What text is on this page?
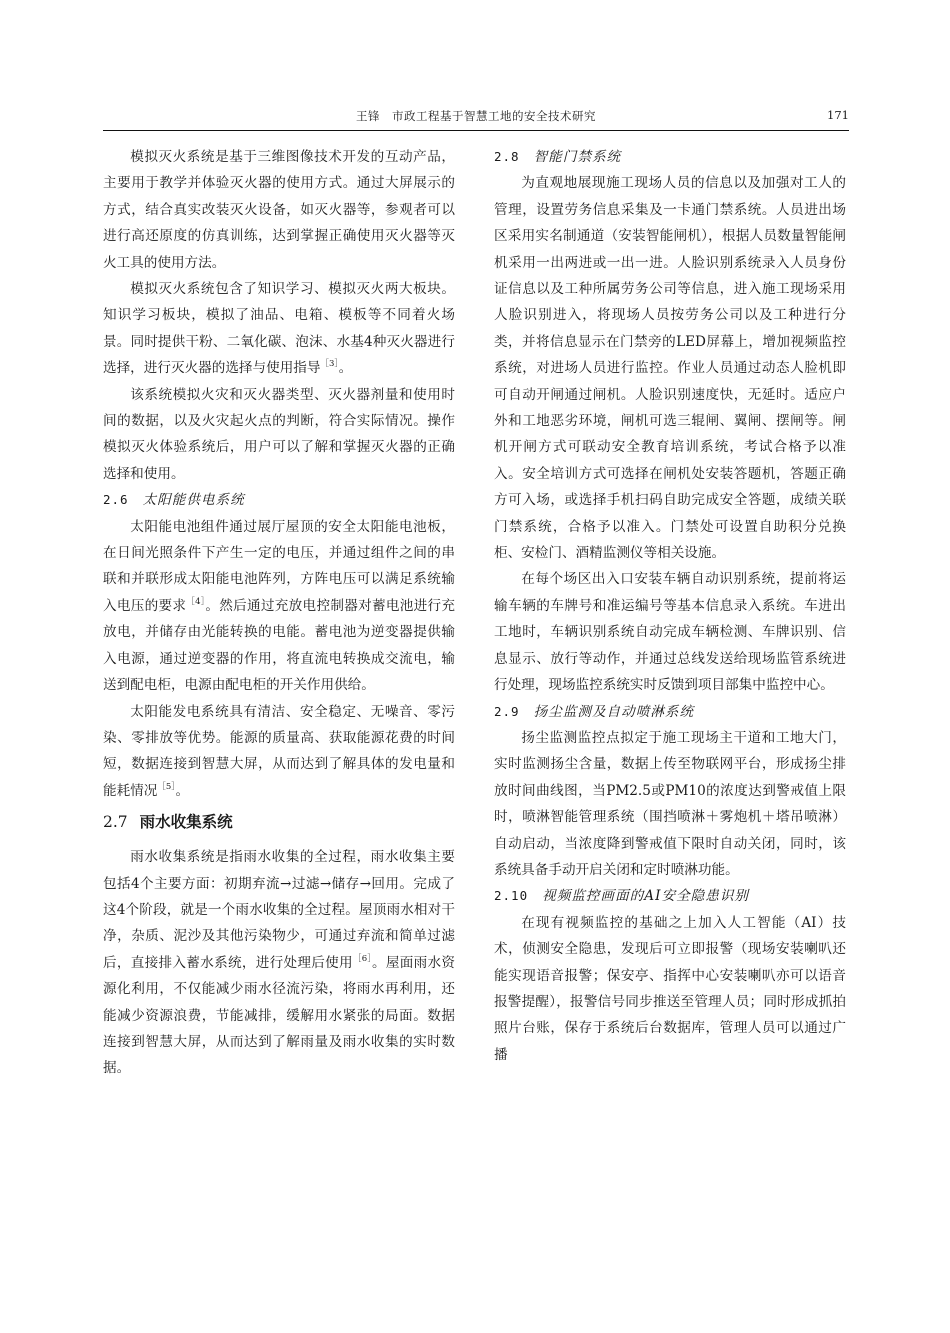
王锋　市政工程基于智慧工地的安全技术研究	171

模拟灭火系统是基于三维图像技术开发的互动产品，主要用于教学并体验灭火器的使用方式。通过大屏展示的方式，结合真实改装灭火设备，如灭火器等，参观者可以进行高还原度的仿真训练，达到掌握正确使用灭火器等灭火工具的使用方法。

模拟灭火系统包含了知识学习、模拟灭火两大板块。知识学习板块，模拟了油品、电箱、模板等不同着火场景。同时提供干粉、二氧化碳、泡沫、水基4种灭火器进行选择，进行灭火器的选择与使用指导$^{[3]}$。

该系统模拟火灾和灭火器类型、灭火器剂量和使用时间的数据，以及火灾起火点的判断，符合实际情况。操作模拟灭火体验系统后，用户可以了解和掌握灭火器的正确选择和使用。

2.6 太阳能供电系统

太阳能电池组件通过展厅屋顶的安全太阳能电池板，在日间光照条件下产生一定的电压，并通过组件之间的串联和并联形成太阳能电池阵列，方阵电压可以满足系统输入电压的要求$^{[4]}$。然后通过充放电控制器对蓄电池进行充放电，并储存由光能转换的电能。蓄电池为逆变器提供输入电源，通过逆变器的作用，将直流电转换成交流电，输送到配电柜，电源由配电柜的开关作用供给。

太阳能发电系统具有清洁、安全稳定、无噪音、零污染、零排放等优势。能源的质量高、获取能源花费的时间短，数据连接到智慧大屏，从而达到了解具体的发电量和能耗情况$^{[5]}$。

2.7 雨水收集系统

雨水收集系统是指雨水收集的全过程，雨水收集主要包括4个主要方面：初期弃流→过滤→储存→回用。完成了这4个阶段，就是一个雨水收集的全过程。屋顶雨水相对干净，杂质、泥沙及其他污染物少，可通过弃流和简单过滤后，直接排入蓄水系统，进行处理后使用$^{[6]}$。屋面雨水资源化利用，不仅能减少雨水径流污染，将雨水再利用，还能减少资源浪费，节能减排，缓解用水紧张的局面。数据连接到智慧大屏，从而达到了解雨量及雨水收集的实时数据。

2.8 智能门禁系统

为直观地展现施工现场人员的信息以及加强对工人的管理，设置劳务信息采集及一卡通门禁系统。人员进出场区采用实名制通道（安装智能闸机），根据人员数量智能闸机采用一出两进或一出一进。人脸识别系统录入人员身份证信息以及工种所属劳务公司等信息，进入施工现场采用人脸识别进入，将现场人员按劳务公司以及工种进行分类，并将信息显示在门禁旁的LED屏幕上，增加视频监控系统，对进场人员进行监控。作业人员通过动态人脸机即可自动开闸通过闸机。人脸识别速度快，无延时。适应户外和工地恶劣环境，闸机可选三辊闸、翼闸、摆闸等。闸机开闸方式可联动安全教育培训系统，考试合格予以准入。安全培训方式可选择在闸机处安装答题机，答题正确方可入场，或选择手机扫码自助完成安全答题，成绩关联门禁系统，合格予以准入。门禁处可设置自助积分兑换柜、安检门、酒精监测仪等相关设施。

在每个场区出入口安装车辆自动识别系统，提前将运输车辆的车牌号和准运编号等基本信息录入系统。车进出工地时，车辆识别系统自动完成车辆检测、车牌识别、信息显示、放行等动作，并通过总线发送给现场监管系统进行处理，现场监控系统实时反馈到项目部集中监控中心。

2.9 扬尘监测及自动喷淋系统

扬尘监测监控点拟定于施工现场主干道和工地大门，实时监测扬尘含量，数据上传至物联网平台，形成扬尘排放时间曲线图，当PM2.5或PM10的浓度达到警戒值上限时，喷淋智能管理系统（围挡喷淋＋雾炮机＋塔吊喷淋）自动启动，当浓度降到警戒值下限时自动关闭，同时，该系统具备手动开启关闭和定时喷淋功能。

2.10 视频监控画面的AI安全隐患识别

在现有视频监控的基础之上加入人工智能（AI）技术，侦测安全隐患，发现后可立即报警（现场安装喇叭还能实现语音报警；保安亭、指挥中心安装喇叭亦可以语音报警提醒），报警信号同步推送至管理人员；同时形成抓拍照片台账，保存于系统后台数据库，管理人员可以通过广播
